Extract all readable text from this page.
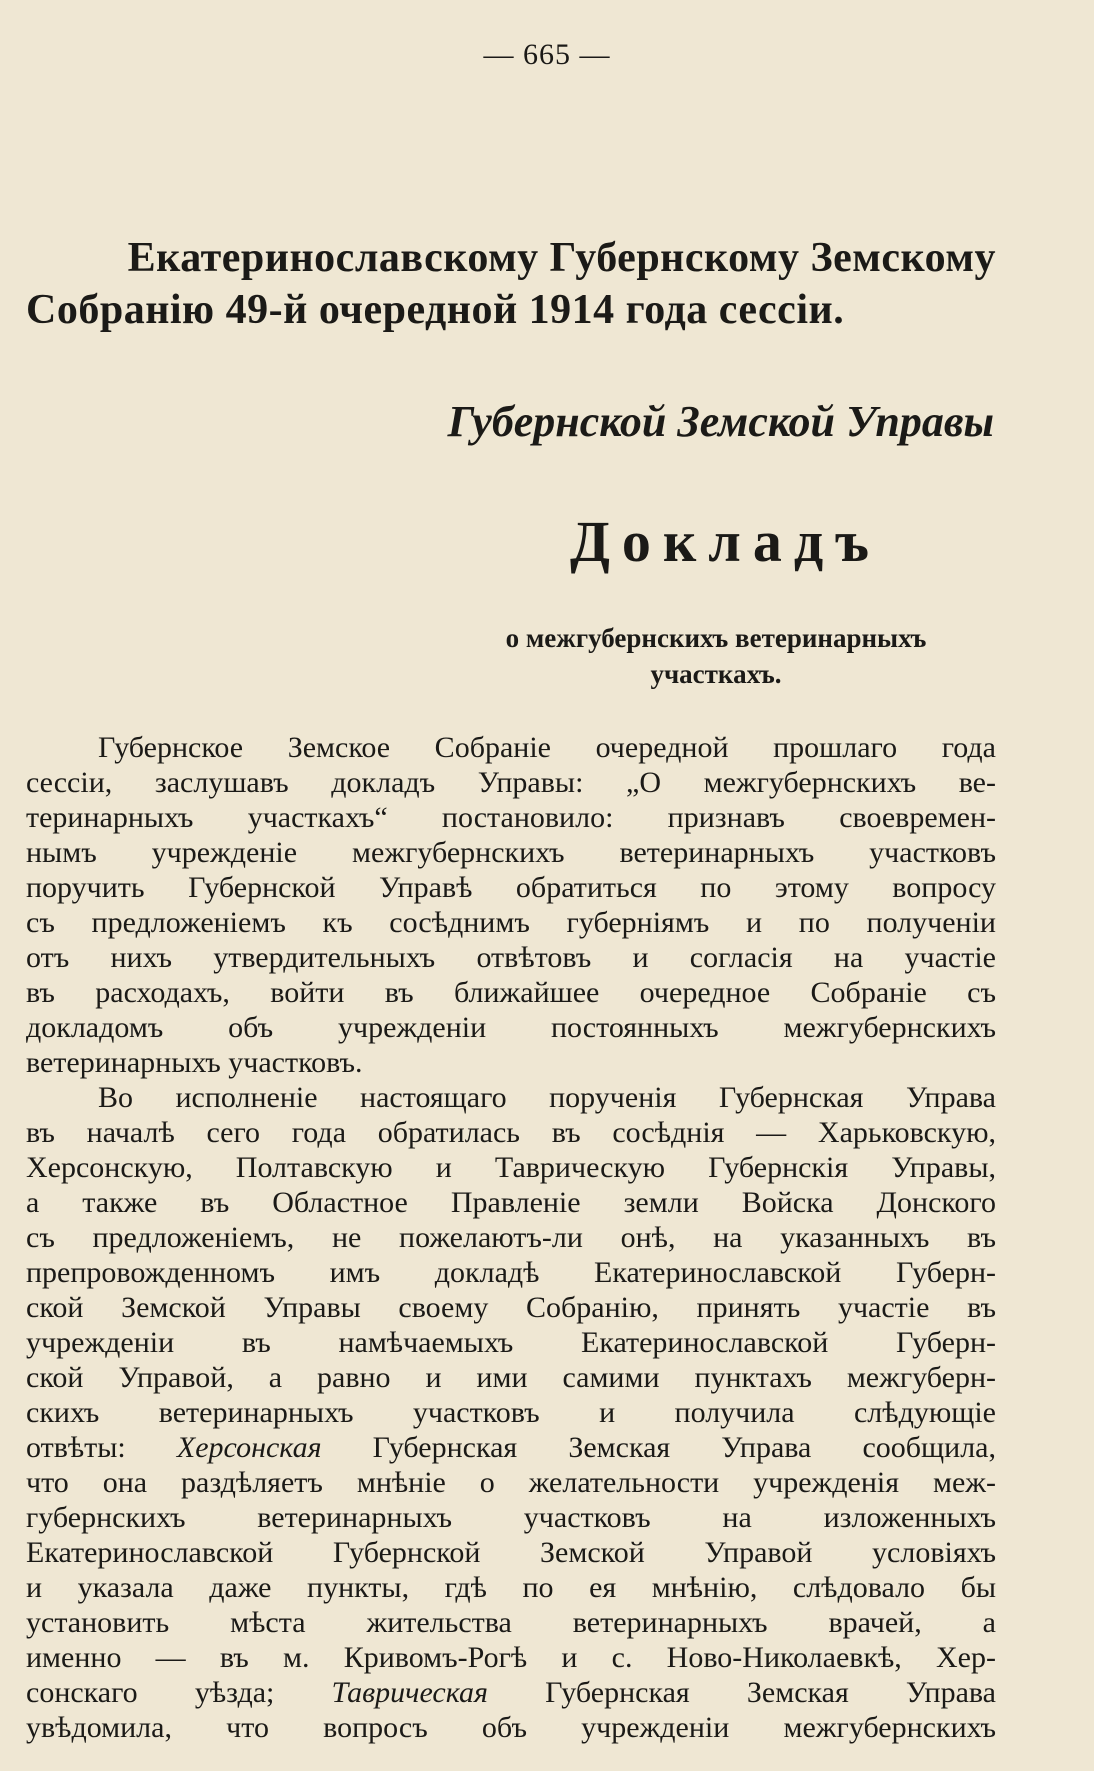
— 665 —
Екатеринославскому Губернскому Земскому
Собранію 49-й очередной 1914 года сессіи.
Губернской Земской Управы
Докладъ
о межгубернскихъ ветеринарныхъ
участкахъ.
Губернское Земское Собраніе очередной прошлаго года
сессіи, заслушавъ докладъ Управы: „О межгубернскихъ ве-
теринарныхъ участкахъ“ постановило: признавъ своевремен-
нымъ учрежденіе межгубернскихъ ветеринарныхъ участковъ
поручить Губернской Управѣ обратиться по этому вопросу
съ предложеніемъ къ сосѣднимъ губерніямъ и по полученіи
отъ нихъ утвердительныхъ отвѣтовъ и согласія на участіе
въ расходахъ, войти въ ближайшее очередное Собраніе съ
докладомъ объ учрежденіи постоянныхъ межгубернскихъ
ветеринарныхъ участковъ.
Во исполненіе настоящаго порученія Губернская Управа
въ началѣ сего года обратилась въ сосѣднія — Харьковскую,
Херсонскую, Полтавскую и Таврическую Губернскія Управы,
а также въ Областное Правленіе земли Войска Донского
съ предложеніемъ, не пожелаютъ-ли онѣ, на указанныхъ въ
препровожденномъ имъ докладѣ Екатеринославской Губерн-
ской Земской Управы своему Собранію, принять участіе въ
учрежденіи въ намѣчаемыхъ Екатеринославской Губерн-
ской Управой, а равно и ими самими пунктахъ межгуберн-
скихъ ветеринарныхъ участковъ и получила слѣдующіе
отвѣты: Херсонская Губернская Земская Управа сообщила,
что она раздѣляетъ мнѣніе о желательности учрежденія меж-
губернскихъ ветеринарныхъ участковъ на изложенныхъ
Екатеринославской Губернской Земской Управой условіяхъ
и указала даже пункты, гдѣ по ея мнѣнію, слѣдовало бы
установить мѣста жительства ветеринарныхъ врачей, а
именно — въ м. Кривомъ-Рогѣ и с. Ново-Николаевкѣ, Хер-
сонскаго уѣзда; Таврическая Губернская Земская Управа
увѣдомила, что вопросъ объ учрежденіи межгубернскихъ
